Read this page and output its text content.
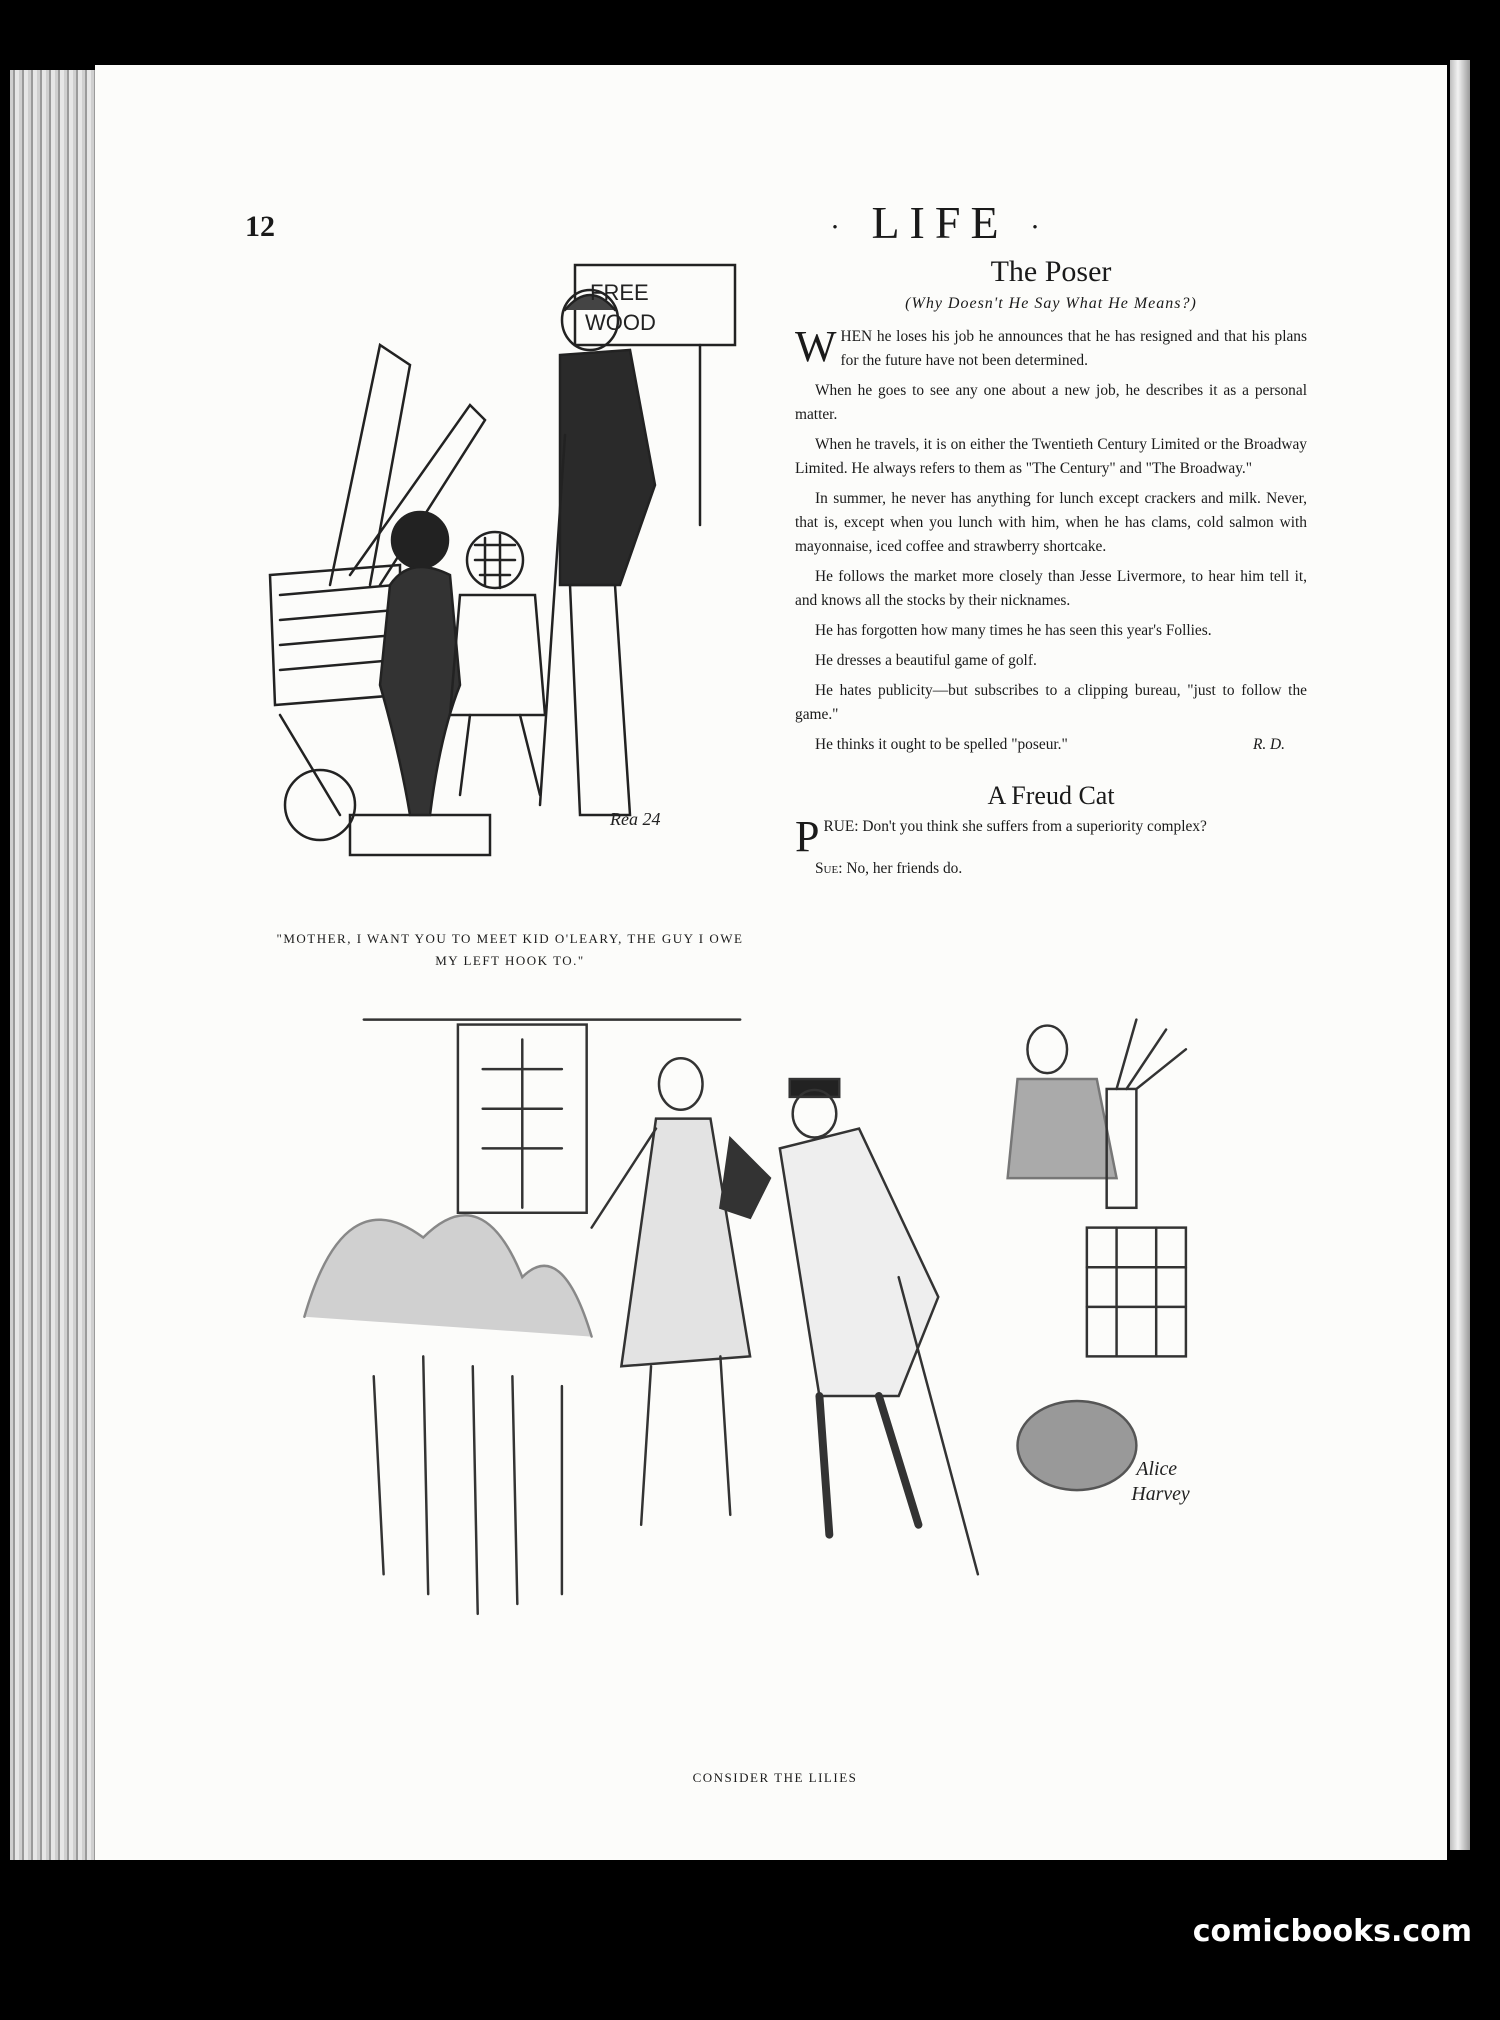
12	· LIFE ·
Rea 24
FREE
WOOD
"MOTHER, I WANT YOU TO MEET KID O'LEARY, THE GUY I OWE MY LEFT HOOK TO."
The Poser
(Why Doesn't He Say What He Means?)

WHEN he loses his job he announces that he has resigned and that his plans for the future have not been determined.

When he goes to see any one about a new job, he describes it as a personal matter.

When he travels, it is on either the Twentieth Century Limited or the Broadway Limited. He always refers to them as "The Century" and "The Broadway."

In summer, he never has anything for lunch except crackers and milk. Never, that is, except when you lunch with him, when he has clams, cold salmon with mayonnaise, iced coffee and strawberry shortcake.

He follows the market more closely than Jesse Livermore, to hear him tell it, and knows all the stocks by their nicknames.

He has forgotten how many times he has seen this year's Follies.

He dresses a beautiful game of golf.

He hates publicity—but subscribes to a clipping bureau, "just to follow the game."

He thinks it ought to be spelled "poseur."	R. D.

A Freud Cat

PRUE: Don't you think she suffers from a superiority complex?

Sue: No, her friends do.

Alice
Harvey
CONSIDER THE LILIES
comicbooks.com
